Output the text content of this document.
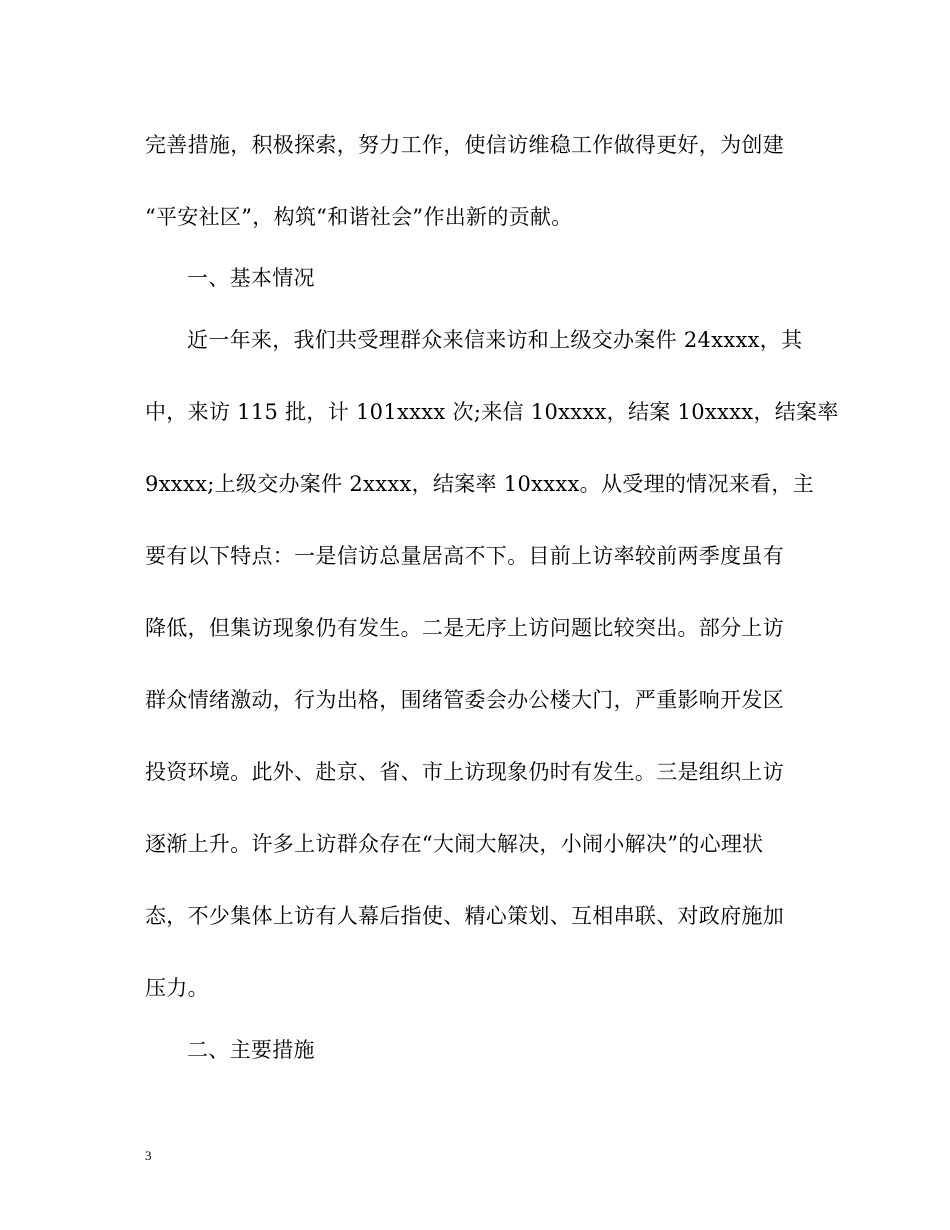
完善措施，积极探索，努力工作，使信访维稳工作做得更好，为创建
“平安社区”，构筑“和谐社会”作出新的贡献。
一、基本情况
近一年来，我们共受理群众来信来访和上级交办案件 24xxxx，其
中，来访 115 批，计 101xxxx 次;来信 10xxxx，结案 10xxxx，结案率
9xxxx;上级交办案件 2xxxx，结案率 10xxxx。从受理的情况来看，主
要有以下特点：一是信访总量居高不下。目前上访率较前两季度虽有
降低，但集访现象仍有发生。二是无序上访问题比较突出。部分上访
群众情绪激动，行为出格，围绪管委会办公楼大门，严重影响开发区
投资环境。此外、赴京、省、市上访现象仍时有发生。三是组织上访
逐渐上升。许多上访群众存在“大闹大解决，小闹小解决”的心理状
态，不少集体上访有人幕后指使、精心策划、互相串联、对政府施加
压力。
二、主要措施
3
